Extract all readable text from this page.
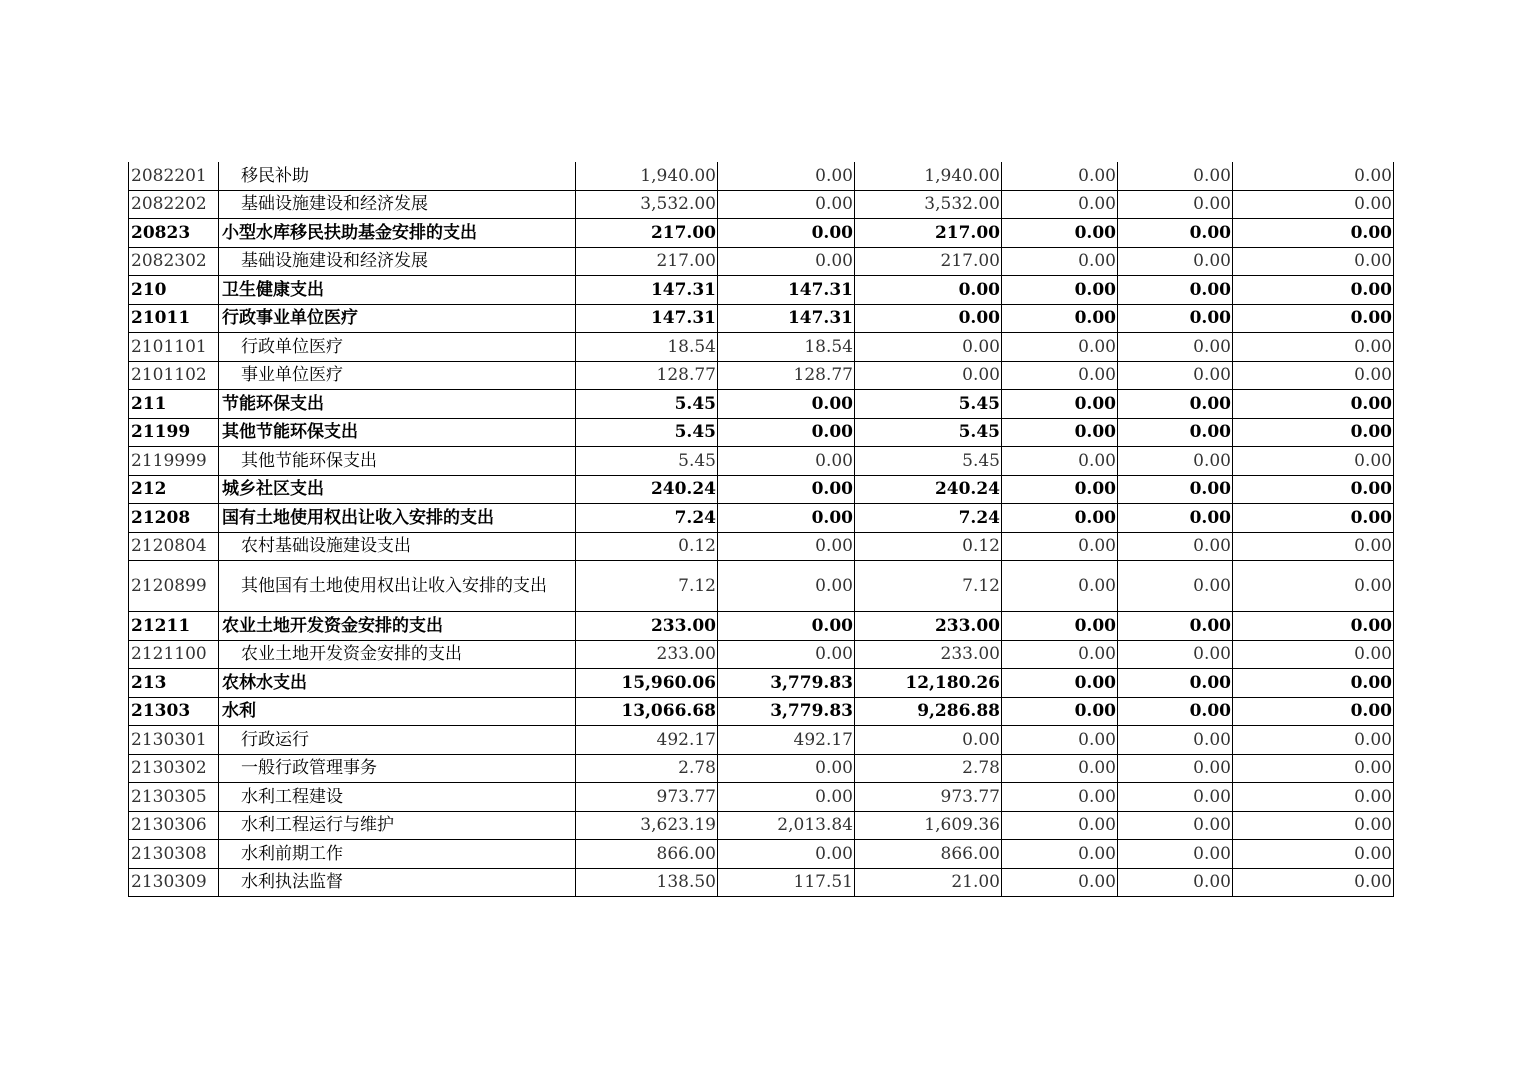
2082201	移民补助	1,940.00	0.00	1,940.00	0.00	0.00	0.00
2082202	基础设施建设和经济发展	3,532.00	0.00	3,532.00	0.00	0.00	0.00
20823	小型水库移民扶助基金安排的支出	217.00	0.00	217.00	0.00	0.00	0.00
2082302	基础设施建设和经济发展	217.00	0.00	217.00	0.00	0.00	0.00
210	卫生健康支出	147.31	147.31	0.00	0.00	0.00	0.00
21011	行政事业单位医疗	147.31	147.31	0.00	0.00	0.00	0.00
2101101	行政单位医疗	18.54	18.54	0.00	0.00	0.00	0.00
2101102	事业单位医疗	128.77	128.77	0.00	0.00	0.00	0.00
211	节能环保支出	5.45	0.00	5.45	0.00	0.00	0.00
21199	其他节能环保支出	5.45	0.00	5.45	0.00	0.00	0.00
2119999	其他节能环保支出	5.45	0.00	5.45	0.00	0.00	0.00
212	城乡社区支出	240.24	0.00	240.24	0.00	0.00	0.00
21208	国有土地使用权出让收入安排的支出	7.24	0.00	7.24	0.00	0.00	0.00
2120804	农村基础设施建设支出	0.12	0.00	0.12	0.00	0.00	0.00
2120899	其他国有土地使用权出让收入安排的支出	7.12	0.00	7.12	0.00	0.00	0.00
21211	农业土地开发资金安排的支出	233.00	0.00	233.00	0.00	0.00	0.00
2121100	农业土地开发资金安排的支出	233.00	0.00	233.00	0.00	0.00	0.00
213	农林水支出	15,960.06	3,779.83	12,180.26	0.00	0.00	0.00
21303	水利	13,066.68	3,779.83	9,286.88	0.00	0.00	0.00
2130301	行政运行	492.17	492.17	0.00	0.00	0.00	0.00
2130302	一般行政管理事务	2.78	0.00	2.78	0.00	0.00	0.00
2130305	水利工程建设	973.77	0.00	973.77	0.00	0.00	0.00
2130306	水利工程运行与维护	3,623.19	2,013.84	1,609.36	0.00	0.00	0.00
2130308	水利前期工作	866.00	0.00	866.00	0.00	0.00	0.00
2130309	水利执法监督	138.50	117.51	21.00	0.00	0.00	0.00
